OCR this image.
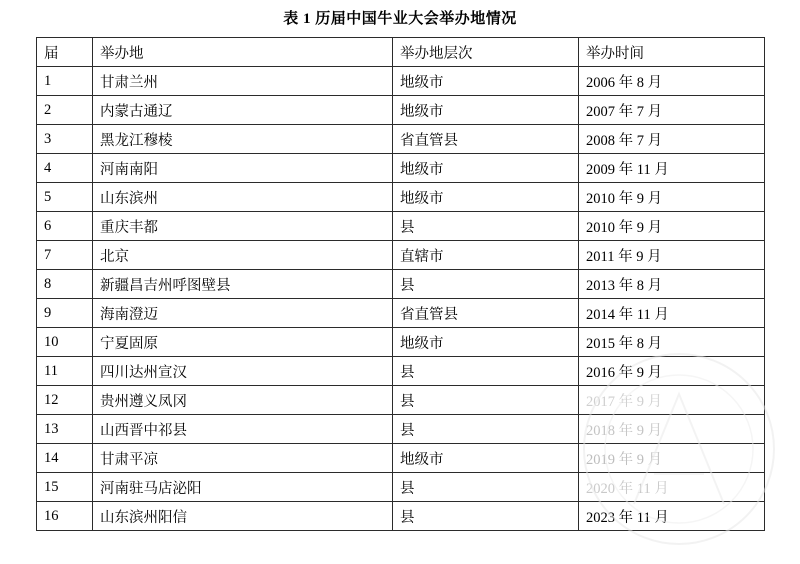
表 1 历届中国牛业大会举办地情况
届	举办地	举办地层次	举办时间
1	甘肃兰州	地级市	2006 年 8 月
2	内蒙古通辽	地级市	2007 年 7 月
3	黑龙江穆棱	省直管县	2008 年 7 月
4	河南南阳	地级市	2009 年 11 月
5	山东滨州	地级市	2010 年 9 月
6	重庆丰都	县	2010 年 9 月
7	北京	直辖市	2011 年 9 月
8	新疆昌吉州呼图壁县	县	2013 年 8 月
9	海南澄迈	省直管县	2014 年 11 月
10	宁夏固原	地级市	2015 年 8 月
11	四川达州宣汉	县	2016 年 9 月
12	贵州遵义凤冈	县	2017 年 9 月
13	山西晋中祁县	县	2018 年 9 月
14	甘肃平凉	地级市	2019 年 9 月
15	河南驻马店泌阳	县	2020 年 11 月
16	山东滨州阳信	县	2023 年 11 月
